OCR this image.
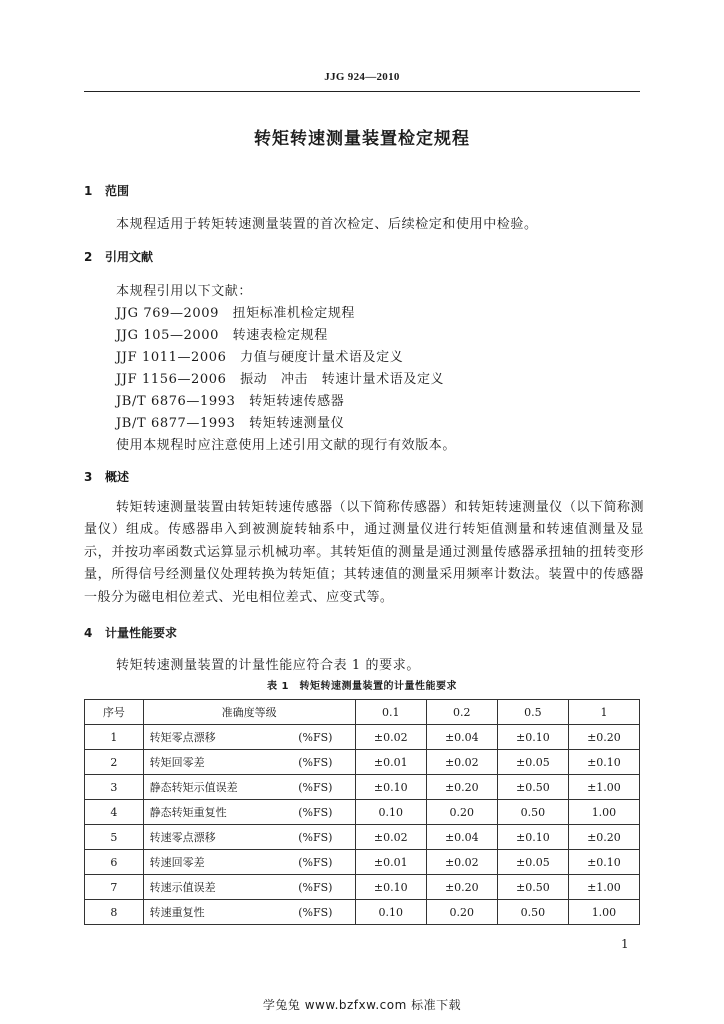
JJG 924—2010
转矩转速测量装置检定规程
1 范围
本规程适用于转矩转速测量装置的首次检定、后续检定和使用中检验。
2 引用文献
本规程引用以下文献：
JJG 769—2009　扭矩标准机检定规程
JJG 105—2000　转速表检定规程
JJF 1011—2006　力值与硬度计量术语及定义
JJF 1156—2006　振动　冲击　转速计量术语及定义
JB/T 6876—1993　转矩转速传感器
JB/T 6877—1993　转矩转速测量仪
使用本规程时应注意使用上述引用文献的现行有效版本。
3 概述
转矩转速测量装置由转矩转速传感器（以下简称传感器）和转矩转速测量仪（以下简称测量仪）组成。传感器串入到被测旋转轴系中，通过测量仪进行转矩值测量和转速值测量及显示，并按功率函数式运算显示机械功率。其转矩值的测量是通过测量传感器承扭轴的扭转变形量，所得信号经测量仪处理转换为转矩值；其转速值的测量采用频率计数法。装置中的传感器一般分为磁电相位差式、光电相位差式、应变式等。
4 计量性能要求
转矩转速测量装置的计量性能应符合表 1 的要求。
表 1　转矩转速测量装置的计量性能要求
序号	准确度等级		0.1	0.2	0.5	1
1	转矩零点漂移	(%FS)	±0.02	±0.04	±0.10	±0.20
2	转矩回零差	(%FS)	±0.01	±0.02	±0.05	±0.10
3	静态转矩示值误差	(%FS)	±0.10	±0.20	±0.50	±1.00
4	静态转矩重复性	(%FS)	0.10	0.20	0.50	1.00
5	转速零点漂移	(%FS)	±0.02	±0.04	±0.10	±0.20
6	转速回零差	(%FS)	±0.01	±0.02	±0.05	±0.10
7	转速示值误差	(%FS)	±0.10	±0.20	±0.50	±1.00
8	转速重复性	(%FS)	0.10	0.20	0.50	1.00
1
学兔兔 www.bzfxw.com 标准下载
